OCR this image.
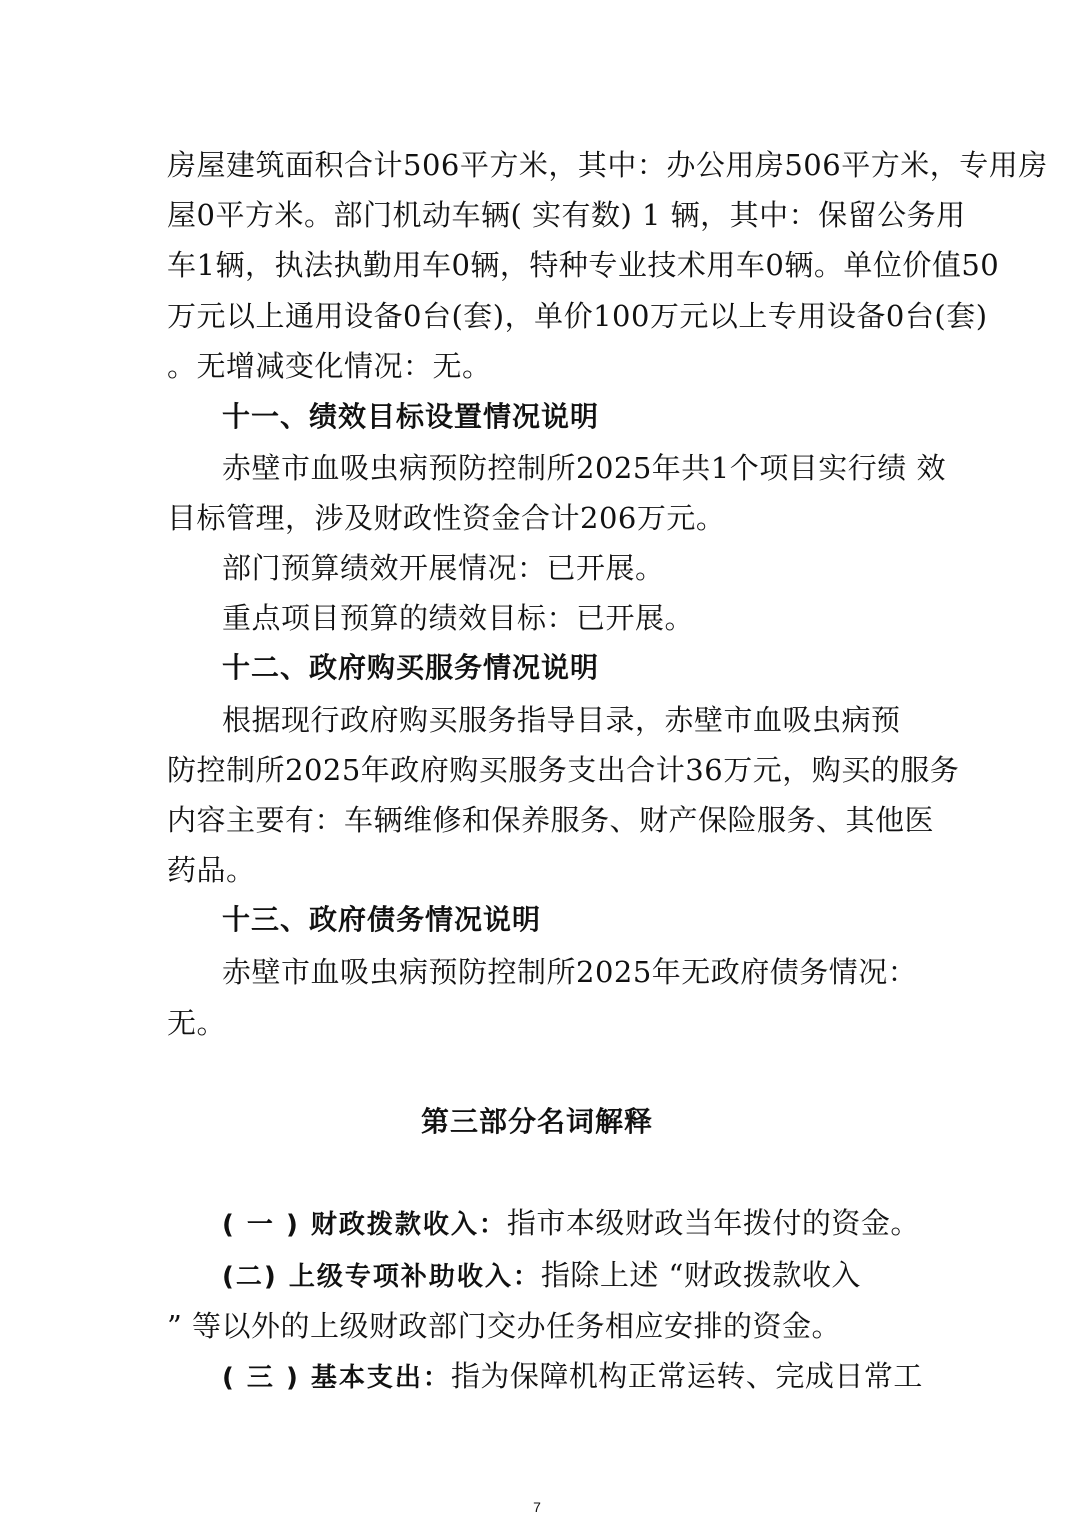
房屋建筑面积合计506平方米，其中：办公用房506平方米，专用房
屋0平方米。部门机动车辆( 实有数) 1 辆，其中：保留公务用
车1辆，执法执勤用车0辆，特种专业技术用车0辆。单位价值50
万元以上通用设备0台(套)，单价100万元以上专用设备0台(套)
。无增减变化情况：无。
十一、绩效目标设置情况说明
赤壁市血吸虫病预防控制所2025年共1个项目实行绩 效
目标管理，涉及财政性资金合计206万元。
部门预算绩效开展情况：已开展。
重点项目预算的绩效目标：已开展。
十二、政府购买服务情况说明
根据现行政府购买服务指导目录，赤壁市血吸虫病预
防控制所2025年政府购买服务支出合计36万元，购买的服务
内容主要有：车辆维修和保养服务、财产保险服务、其他医
药品。
十三、政府债务情况说明
赤壁市血吸虫病预防控制所2025年无政府债务情况：
无。
第三部分名词解释
( 一 ) 财政拨款收入：指市本级财政当年拨付的资金。
(二) 上级专项补助收入：指除上述 “财政拨款收入
” 等以外的上级财政部门交办任务相应安排的资金。
( 三 ) 基本支出：指为保障机构正常运转、完成日常工
7
